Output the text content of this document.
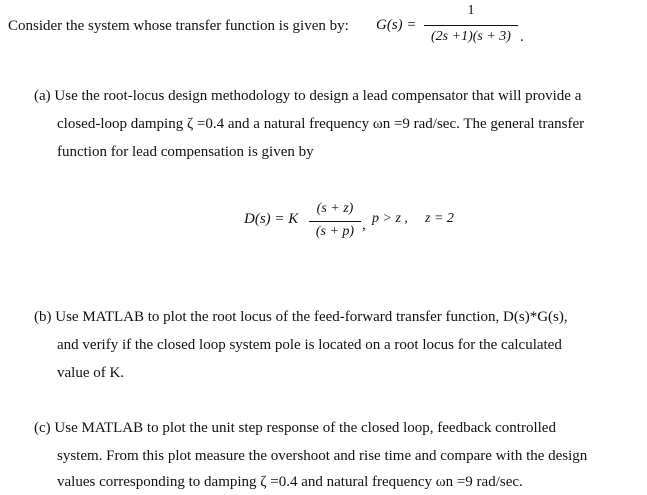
Consider the system whose transfer function is given by: G(s) =
1
(2s +1)(s + 3) .
(a) Use the root-locus design methodology to design a lead compensator that will provide a
closed-loop damping ζ =0.4 and a natural frequency ωn =9 rad/sec. The general transfer
function for lead compensation is given by
D(s) = K
(s + z)
(s + p) , p > z , z = 2
(b) Use MATLAB to plot the root locus of the feed-forward transfer function, D(s)*G(s),
and verify if the closed loop system pole is located on a root locus for the calculated
value of K.
(c) Use MATLAB to plot the unit step response of the closed loop, feedback controlled
system. From this plot measure the overshoot and rise time and compare with the design
values corresponding to damping ζ =0.4 and natural frequency ωn =9 rad/sec.
